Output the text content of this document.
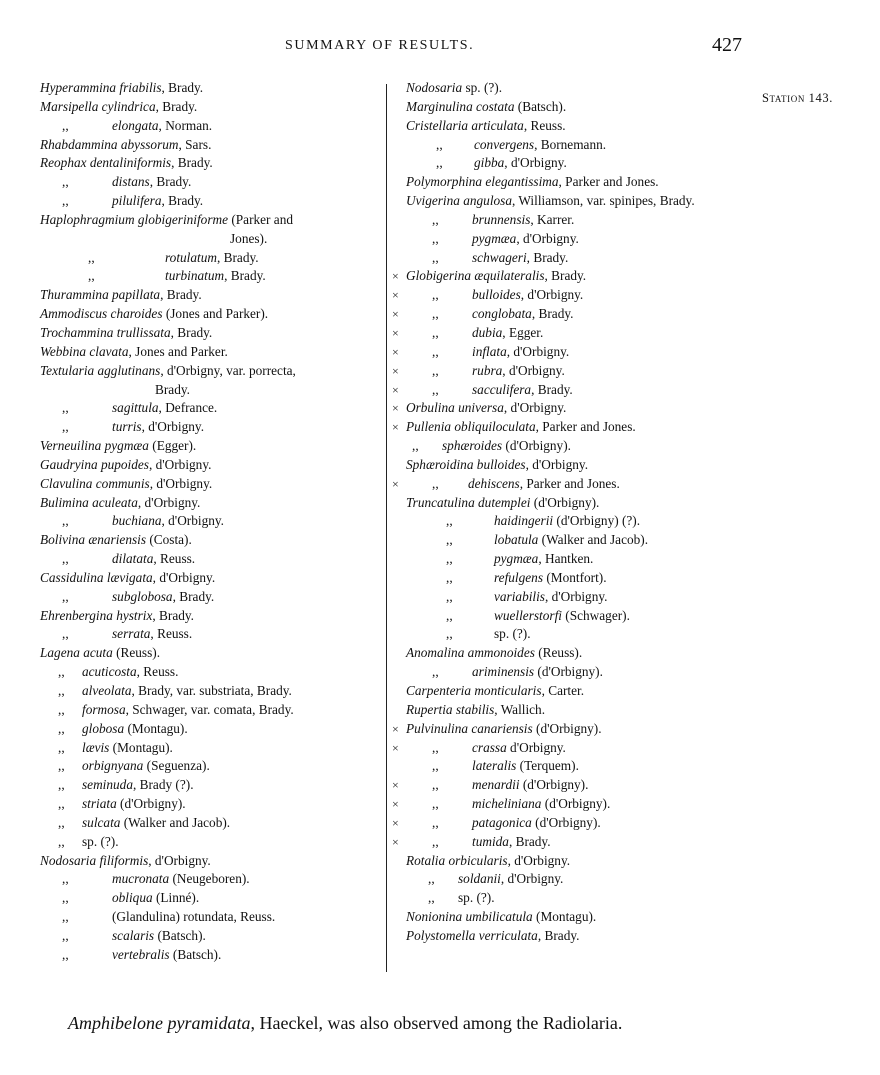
SUMMARY OF RESULTS.	427
Station 143.
Hyperammina friabilis, Brady.
Marsipella cylindrica, Brady.
,,	elongata, Norman.
Rhabdammina abyssorum, Sars.
Reophax dentaliniformis, Brady.
,,	distans, Brady.
,,	pilulifera, Brady.
Haplophragmium globigeriniforme (Parker and
Jones).
,,	rotulatum, Brady.
,,	turbinatum, Brady.
Thurammina papillata, Brady.
Ammodiscus charoides (Jones and Parker).
Trochammina trullissata, Brady.
Webbina clavata, Jones and Parker.
Textularia agglutinans, d'Orbigny, var. porrecta,
Brady.
,,	sagittula, Defrance.
,,	turris, d'Orbigny.
Verneuilina pygmæa (Egger).
Gaudryina pupoides, d'Orbigny.
Clavulina communis, d'Orbigny.
Bulimina aculeata, d'Orbigny.
,,	buchiana, d'Orbigny.
Bolivina ænariensis (Costa).
,,	dilatata, Reuss.
Cassidulina lævigata, d'Orbigny.
,,	subglobosa, Brady.
Ehrenbergina hystrix, Brady.
,,	serrata, Reuss.
Lagena acuta (Reuss).
,, acuticosta, Reuss.
,, alveolata, Brady, var. substriata, Brady.
,, formosa, Schwager, var. comata, Brady.
,, globosa (Montagu).
,, lævis (Montagu).
,, orbignyana (Seguenza).
,, seminuda, Brady (?).
,, striata (d'Orbigny).
,, sulcata (Walker and Jacob).
,, sp. (?).
Nodosaria filiformis, d'Orbigny.
,,	mucronata (Neugeboren).
,,	obliqua (Linné).
,,	(Glandulina) rotundata, Reuss.
,,	scalaris (Batsch).
,,	vertebralis (Batsch).
Nodosaria sp. (?).
Marginulina costata (Batsch).
Cristellaria articulata, Reuss.
,, convergens, Bornemann.
,, gibba, d'Orbigny.
Polymorphina elegantissima, Parker and Jones.
Uvigerina angulosa, Williamson, var. spinipes, Brady.
,,	brunnensis, Karrer.
,,	pygmæa, d'Orbigny.
,,	schwageri, Brady.
× Globigerina æquilateralis, Brady.
× ,,	bulloides, d'Orbigny.
× ,,	conglobata, Brady.
× ,,	dubia, Egger.
× ,,	inflata, d'Orbigny.
× ,,	rubra, d'Orbigny.
× ,,	sacculifera, Brady.
× Orbulina universa, d'Orbigny.
× Pullenia obliquiloculata, Parker and Jones.
,, sphæroides (d'Orbigny).
Sphæroidina bulloides, d'Orbigny.
× ,, dehiscens, Parker and Jones.
Truncatulina dutemplei (d'Orbigny).
,,	haidingerii (d'Orbigny) (?).
,,	lobatula (Walker and Jacob).
,,	pygmæa, Hantken.
,,	refulgens (Montfort).
,,	variabilis, d'Orbigny.
,,	wuellerstorfi (Schwager).
,,	sp. (?).
Anomalina ammonoides (Reuss).
,,	ariminensis (d'Orbigny).
Carpenteria monticularis, Carter.
Rupertia stabilis, Wallich.
× Pulvinulina canariensis (d'Orbigny).
× ,,	crassa d'Orbigny.
,,	lateralis (Terquem).
× ,,	menardii (d'Orbigny).
× ,,	micheliniana (d'Orbigny).
× ,,	patagonica (d'Orbigny).
× ,,	tumida, Brady.
Rotalia orbicularis, d'Orbigny.
,, soldanii, d'Orbigny.
,, sp. (?).
Nonionina umbilicatula (Montagu).
Polystomella verriculata, Brady.
Amphibelone pyramidata, Haeckel, was also observed among the Radiolaria.
